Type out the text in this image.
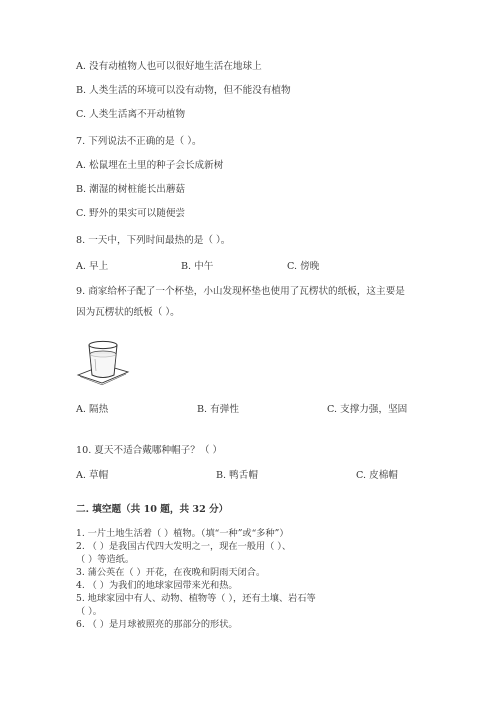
A. 没有动植物人也可以很好地生活在地球上
B. 人类生活的环境可以没有动物，但不能没有植物
C. 人类生活离不开动植物
7. 下列说法不正确的是（ ）。
A. 松鼠埋在土里的种子会长成新树
B. 潮湿的树桩能长出蘑菇
C. 野外的果实可以随便尝
8. 一天中，下列时间最热的是（ ）。
A. 早上	B. 中午	C. 傍晚
9. 商家给杯子配了一个杯垫，小山发现杯垫也使用了瓦楞状的纸板，这主要是
因为瓦楞状的纸板（ ）。
A. 隔热	B. 有弹性	C. 支撑力强，坚固
10. 夏天不适合戴哪种帽子？（ ）
A. 草帽	B. 鸭舌帽	C. 皮棉帽
二. 填空题（共 10 题，共 32 分）
1. 一片土地生活着（ ）植物。（填“一种”或“多种”）
2. （ ）是我国古代四大发明之一，现在一般用（ ）、
（ ）等造纸。
3. 蒲公英在（ ）开花，在夜晚和阴雨天闭合。
4. （ ）为我们的地球家园带来光和热。
5. 地球家园中有人、动物、植物等（ ），还有土壤、岩石等
（ ）。
6. （ ）是月球被照亮的那部分的形状。
